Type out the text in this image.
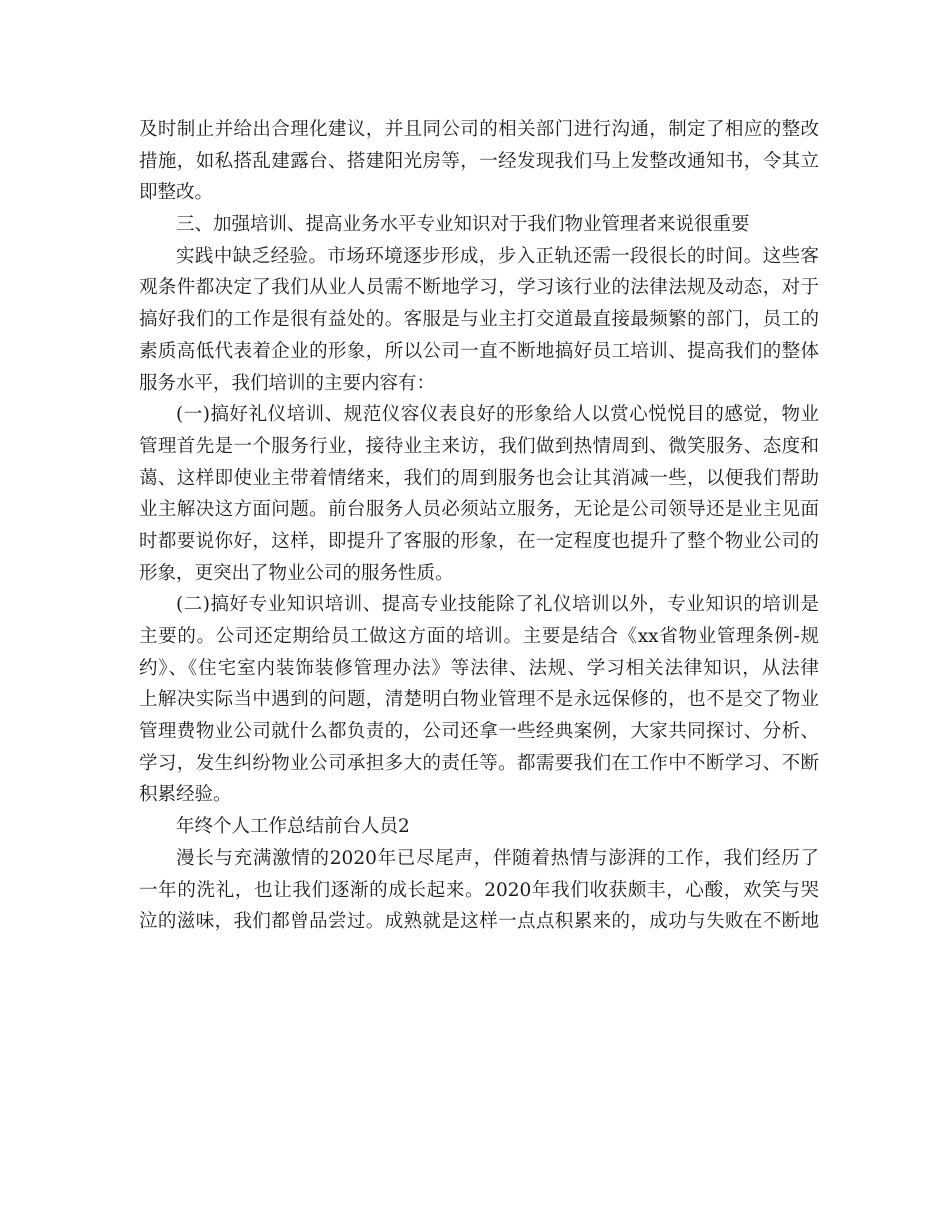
及时制止并给出合理化建议，并且同公司的相关部门进行沟通，制定了相应的整改
措施，如私搭乱建露台、搭建阳光房等，一经发现我们马上发整改通知书，令其立
即整改。
三、加强培训、提高业务水平专业知识对于我们物业管理者来说很重要
实践中缺乏经验。市场环境逐步形成，步入正轨还需一段很长的时间。这些客
观条件都决定了我们从业人员需不断地学习，学习该行业的法律法规及动态，对于
搞好我们的工作是很有益处的。客服是与业主打交道最直接最频繁的部门，员工的
素质高低代表着企业的形象，所以公司一直不断地搞好员工培训、提高我们的整体
服务水平，我们培训的主要内容有：
(一)搞好礼仪培训、规范仪容仪表良好的形象给人以赏心悦悦目的感觉，物业
管理首先是一个服务行业，接待业主来访，我们做到热情周到、微笑服务、态度和
蔼、这样即使业主带着情绪来，我们的周到服务也会让其消减一些，以便我们帮助
业主解决这方面问题。前台服务人员必须站立服务，无论是公司领导还是业主见面
时都要说你好，这样，即提升了客服的形象，在一定程度也提升了整个物业公司的
形象，更突出了物业公司的服务性质。
(二)搞好专业知识培训、提高专业技能除了礼仪培训以外，专业知识的培训是
主要的。公司还定期给员工做这方面的培训。主要是结合《xx省物业管理条例-规
约》、《住宅室内装饰装修管理办法》等法律、法规、学习相关法律知识，从法律
上解决实际当中遇到的问题，清楚明白物业管理不是永远保修的，也不是交了物业
管理费物业公司就什么都负责的，公司还拿一些经典案例，大家共同探讨、分析、
学习，发生纠纷物业公司承担多大的责任等。都需要我们在工作中不断学习、不断
积累经验。
年终个人工作总结前台人员2
漫长与充满激情的2020年已尽尾声，伴随着热情与澎湃的工作，我们经历了
一年的洗礼，也让我们逐渐的成长起来。2020年我们收获颇丰，心酸，欢笑与哭
泣的滋味，我们都曾品尝过。成熟就是这样一点点积累来的，成功与失败在不断地
